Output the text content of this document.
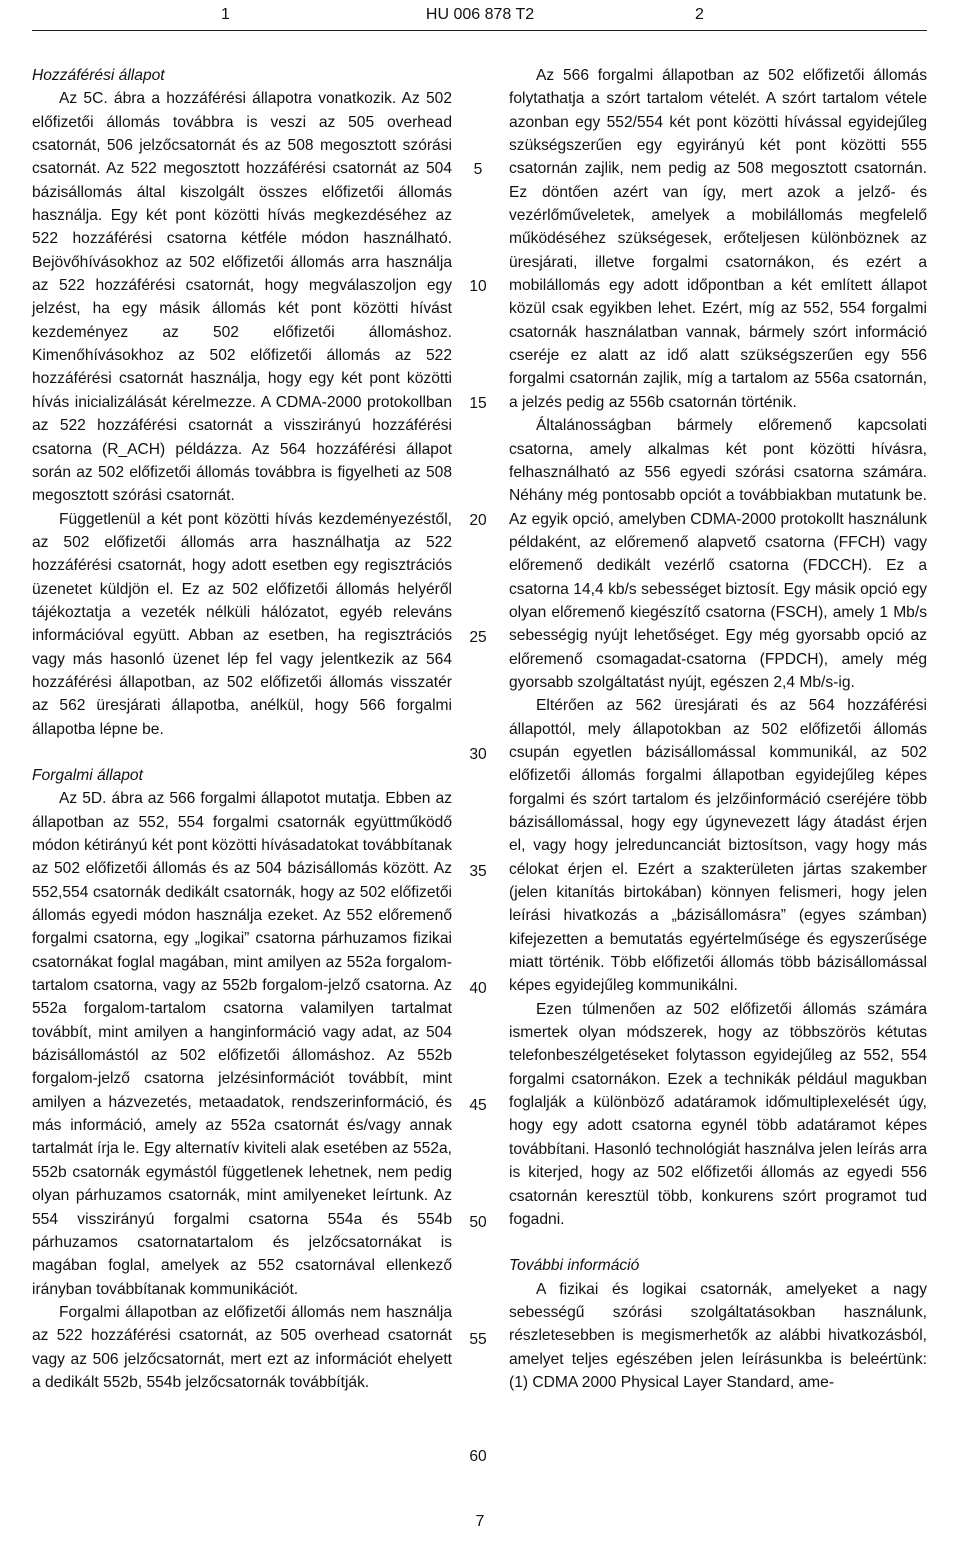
1	HU 006 878 T2	2

Hozzáférési állapot

Az 5C. ábra a hozzáférési állapotra vonatkozik. Az 502 előfizetői állomás továbbra is veszi az 505 overhead csatornát, 506 jelzőcsatornát és az 508 megosztott szórási csatornát. Az 522 megosztott hozzáférési csatornát az 504 bázisállomás által kiszolgált összes előfizetői állomás használja. Egy két pont közötti hívás megkezdéséhez az 522 hozzáférési csatorna kétféle módon használható. Bejövőhívásokhoz az 502 előfizetői állomás arra használja az 522 hozzáférési csatornát, hogy megválaszoljon egy jelzést, ha egy másik állomás két pont közötti hívást kezdeményez az 502 előfizetői állomáshoz. Kimenőhívásokhoz az 502 előfizetői állomás az 522 hozzáférési csatornát használja, hogy egy két pont közötti hívás inicializálását kérelmezze. A CDMA-2000 protokollban az 522 hozzáférési csatornát a visszirányú hozzáférési csatorna (R_ACH) példázza. Az 564 hozzáférési állapot során az 502 előfizetői állomás továbbra is figyelheti az 508 megosztott szórási csatornát.

Függetlenül a két pont közötti hívás kezdeményezéstől, az 502 előfizetői állomás arra használhatja az 522 hozzáférési csatornát, hogy adott esetben egy regisztrációs üzenetet küldjön el. Ez az 502 előfizetői állomás helyéről tájékoztatja a vezeték nélküli hálózatot, egyéb releváns információval együtt. Abban az esetben, ha regisztrációs vagy más hasonló üzenet lép fel vagy jelentkezik az 564 hozzáférési állapotban, az 502 előfizetői állomás visszatér az 562 üresjárati állapotba, anélkül, hogy 566 forgalmi állapotba lépne be.

Forgalmi állapot

Az 5D. ábra az 566 forgalmi állapotot mutatja. Ebben az állapotban az 552, 554 forgalmi csatornák együttműködő módon kétirányú két pont közötti hívásadatokat továbbítanak az 502 előfizetői állomás és az 504 bázisállomás között. Az 552,554 csatornák dedikált csatornák, hogy az 502 előfizetői állomás egyedi módon használja ezeket. Az 552 előremenő forgalmi csatorna, egy „logikai” csatorna párhuzamos fizikai csatornákat foglal magában, mint amilyen az 552a forgalom-tartalom csatorna, vagy az 552b forgalom-jelző csatorna. Az 552a forgalom-tartalom csatorna valamilyen tartalmat továbbít, mint amilyen a hanginformáció vagy adat, az 504 bázisállomástól az 502 előfizetői állomáshoz. Az 552b forgalom-jelző csatorna jelzésinformációt továbbít, mint amilyen a házvezetés, metaadatok, rendszerinformáció, és más információ, amely az 552a csatornát és/vagy annak tartalmát írja le. Egy alternatív kiviteli alak esetében az 552a, 552b csatornák egymástól függetlenek lehetnek, nem pedig olyan párhuzamos csatornák, mint amilyeneket leírtunk. Az 554 visszirányú forgalmi csatorna 554a és 554b párhuzamos csatornatartalom és jelzőcsatornákat is magában foglal, amelyek az 552 csatornával ellenkező irányban továbbítanak kommunikációt.

Forgalmi állapotban az előfizetői állomás nem használja az 522 hozzáférési csatornát, az 505 overhead csatornát vagy az 506 jelzőcsatornát, mert ezt az információt ehelyett a dedikált 552b, 554b jelzőcsatornák továbbítják.

5
10
15
20
25
30
35
40
45
50
55
60

Az 566 forgalmi állapotban az 502 előfizetői állomás folytathatja a szórt tartalom vételét. A szórt tartalom vétele azonban egy 552/554 két pont közötti hívással egyidejűleg szükségszerűen egy egyirányú két pont közötti 555 csatornán zajlik, nem pedig az 508 megosztott csatornán. Ez döntően azért van így, mert azok a jelző- és vezérlőműveletek, amelyek a mobilállomás megfelelő működéséhez szükségesek, erőteljesen különböznek az üresjárati, illetve forgalmi csatornákon, és ezért a mobilállomás egy adott időpontban a két említett állapot közül csak egyikben lehet. Ezért, míg az 552, 554 forgalmi csatornák használatban vannak, bármely szórt információ cseréje ez alatt az idő alatt szükségszerűen egy 556 forgalmi csatornán zajlik, míg a tartalom az 556a csatornán, a jelzés pedig az 556b csatornán történik.

Általánosságban bármely előremenő kapcsolati csatorna, amely alkalmas két pont közötti hívásra, felhasználható az 556 egyedi szórási csatorna számára. Néhány még pontosabb opciót a továbbiakban mutatunk be. Az egyik opció, amelyben CDMA-2000 protokollt használunk példaként, az előremenő alapvető csatorna (FFCH) vagy előremenő dedikált vezérlő csatorna (FDCCH). Ez a csatorna 14,4 kb/s sebességet biztosít. Egy másik opció egy olyan előremenő kiegészítő csatorna (FSCH), amely 1 Mb/s sebességig nyújt lehetőséget. Egy még gyorsabb opció az előremenő csomagadat-csatorna (FPDCH), amely még gyorsabb szolgáltatást nyújt, egészen 2,4 Mb/s-ig.

Eltérően az 562 üresjárati és az 564 hozzáférési állapottól, mely állapotokban az 502 előfizetői állomás csupán egyetlen bázisállomással kommunikál, az 502 előfizetői állomás forgalmi állapotban egyidejűleg képes forgalmi és szórt tartalom és jelzőinformáció cseréjére több bázisállomással, hogy egy úgynevezett lágy átadást érjen el, vagy hogy jelreduncanciát biztosítson, vagy hogy más célokat érjen el. Ezért a szakterületen jártas szakember (jelen kitanítás birtokában) könnyen felismeri, hogy jelen leírási hivatkozás a „bázisállomásra” (egyes számban) kifejezetten a bemutatás egyértelműsége és egyszerűsége miatt történik. Több előfizetői állomás több bázisállomással képes egyidejűleg kommunikálni.

Ezen túlmenően az 502 előfizetői állomás számára ismertek olyan módszerek, hogy az többszörös kétutas telefonbeszélgetéseket folytasson egyidejűleg az 552, 554 forgalmi csatornákon. Ezek a technikák például magukban foglalják a különböző adatáramok időmultiplexelését úgy, hogy egy adott csatorna egynél több adatáramot képes továbbítani. Hasonló technológiát használva jelen leírás arra is kiterjed, hogy az 502 előfizetői állomás az egyedi 556 csatornán keresztül több, konkurens szórt programot tud fogadni.

További információ

A fizikai és logikai csatornák, amelyeket a nagy sebességű szórási szolgáltatásokban használunk, részletesebben is megismerhetők az alábbi hivatkozásból, amelyet teljes egészében jelen leírásunkba is beleértünk: (1) CDMA 2000 Physical Layer Standard, ame-

7
